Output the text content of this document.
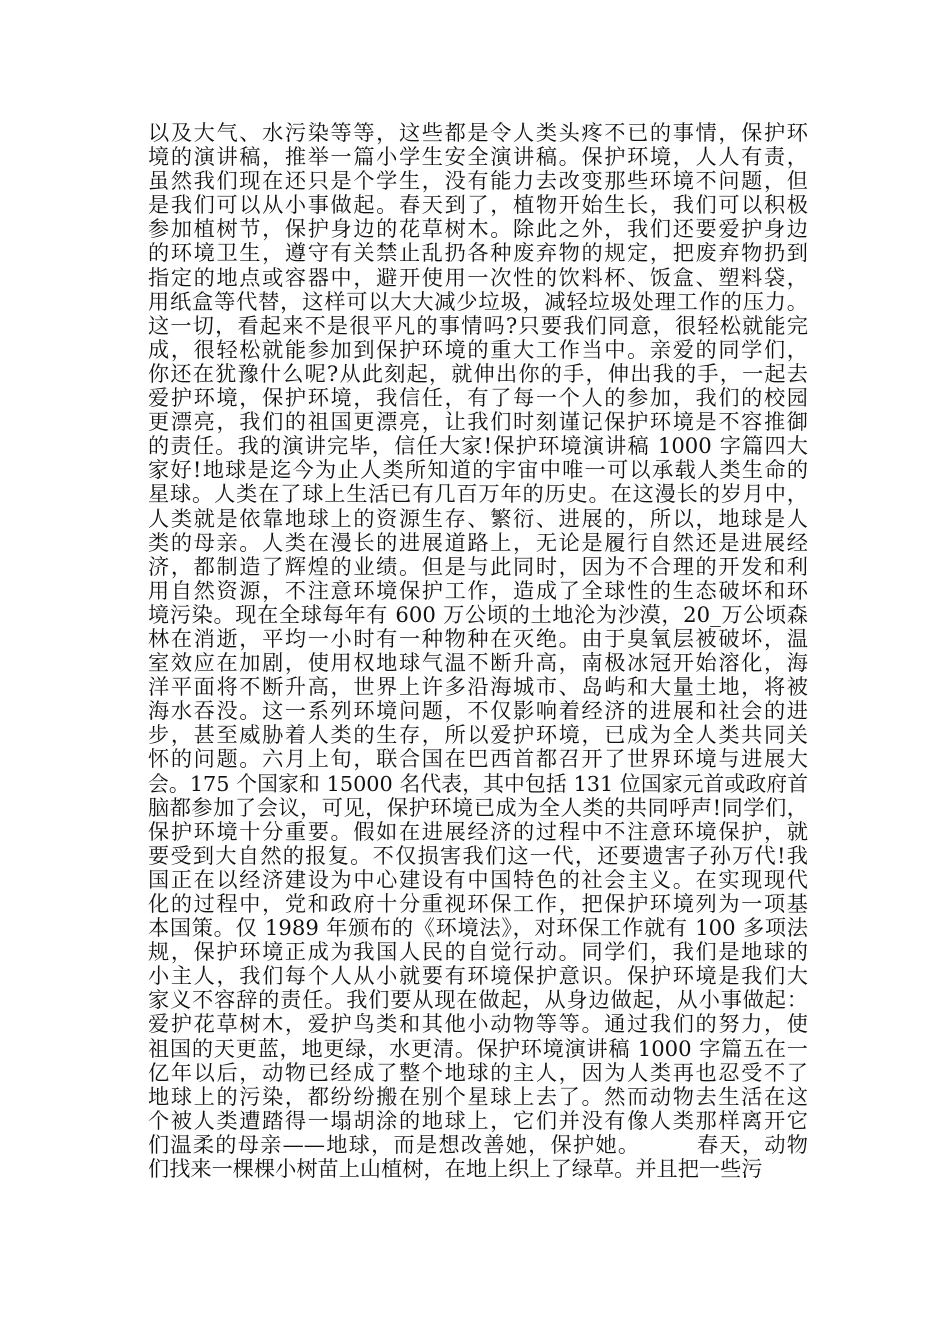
以及大气、水污染等等，这些都是令人类头疼不已的事情，保护环
境的演讲稿，推举一篇小学生安全演讲稿。保护环境，人人有责，
虽然我们现在还只是个学生，没有能力去改变那些环境不问题，但
是我们可以从小事做起。春天到了，植物开始生长，我们可以积极
参加植树节，保护身边的花草树木。除此之外，我们还要爱护身边
的环境卫生，遵守有关禁止乱扔各种废弃物的规定，把废弃物扔到
指定的地点或容器中，避开使用一次性的饮料杯、饭盒、塑料袋，
用纸盒等代替，这样可以大大减少垃圾，减轻垃圾处理工作的压力。
这一切，看起来不是很平凡的事情吗?只要我们同意，很轻松就能完
成，很轻松就能参加到保护环境的重大工作当中。亲爱的同学们，
你还在犹豫什么呢?从此刻起，就伸出你的手，伸出我的手，一起去
爱护环境，保护环境，我信任，有了每一个人的参加，我们的校园
更漂亮，我们的祖国更漂亮，让我们时刻谨记保护环境是不容推御
的责任。我的演讲完毕，信任大家!保护环境演讲稿 1000 字篇四大
家好!地球是迄今为止人类所知道的宇宙中唯一可以承载人类生命的
星球。人类在了球上生活已有几百万年的历史。在这漫长的岁月中，
人类就是依靠地球上的资源生存、繁衍、进展的，所以，地球是人
类的母亲。人类在漫长的进展道路上，无论是履行自然还是进展经
济，都制造了辉煌的业绩。但是与此同时，因为不合理的开发和利
用自然资源，不注意环境保护工作，造成了全球性的生态破坏和环
境污染。现在全球每年有 600 万公顷的土地沦为沙漠，20_万公顷森
林在消逝，平均一小时有一种物种在灭绝。由于臭氧层被破坏，温
室效应在加剧，使用权地球气温不断升高，南极冰冠开始溶化，海
洋平面将不断升高，世界上许多沿海城市、岛屿和大量土地，将被
海水吞没。这一系列环境问题，不仅影响着经济的进展和社会的进
步，甚至威胁着人类的生存，所以爱护环境，已成为全人类共同关
怀的问题。六月上旬，联合国在巴西首都召开了世界环境与进展大
会。175 个国家和 15000 名代表，其中包括 131 位国家元首或政府首
脑都参加了会议，可见，保护环境已成为全人类的共同呼声!同学们，
保护环境十分重要。假如在进展经济的过程中不注意环境保护，就
要受到大自然的报复。不仅损害我们这一代，还要遗害子孙万代!我
国正在以经济建设为中心建设有中国特色的社会主义。在实现现代
化的过程中，党和政府十分重视环保工作，把保护环境列为一项基
本国策。仅 1989 年颁布的《环境法》，对环保工作就有 100 多项法
规，保护环境正成为我国人民的自觉行动。同学们，我们是地球的
小主人，我们每个人从小就要有环境保护意识。保护环境是我们大
家义不容辞的责任。我们要从现在做起，从身边做起，从小事做起：
爱护花草树木，爱护鸟类和其他小动物等等。通过我们的努力，使
祖国的天更蓝，地更绿，水更清。保护环境演讲稿 1000 字篇五在一
亿年以后，动物已经成了整个地球的主人，因为人类再也忍受不了
地球上的污染，都纷纷搬在别个星球上去了。然而动物去生活在这
个被人类遭踏得一塌胡涂的地球上，它们并没有像人类那样离开它
们温柔的母亲——地球，而是想改善她，保护她。　　　春天，动物
们找来一棵棵小树苗上山植树，在地上织上了绿草。并且把一些污
